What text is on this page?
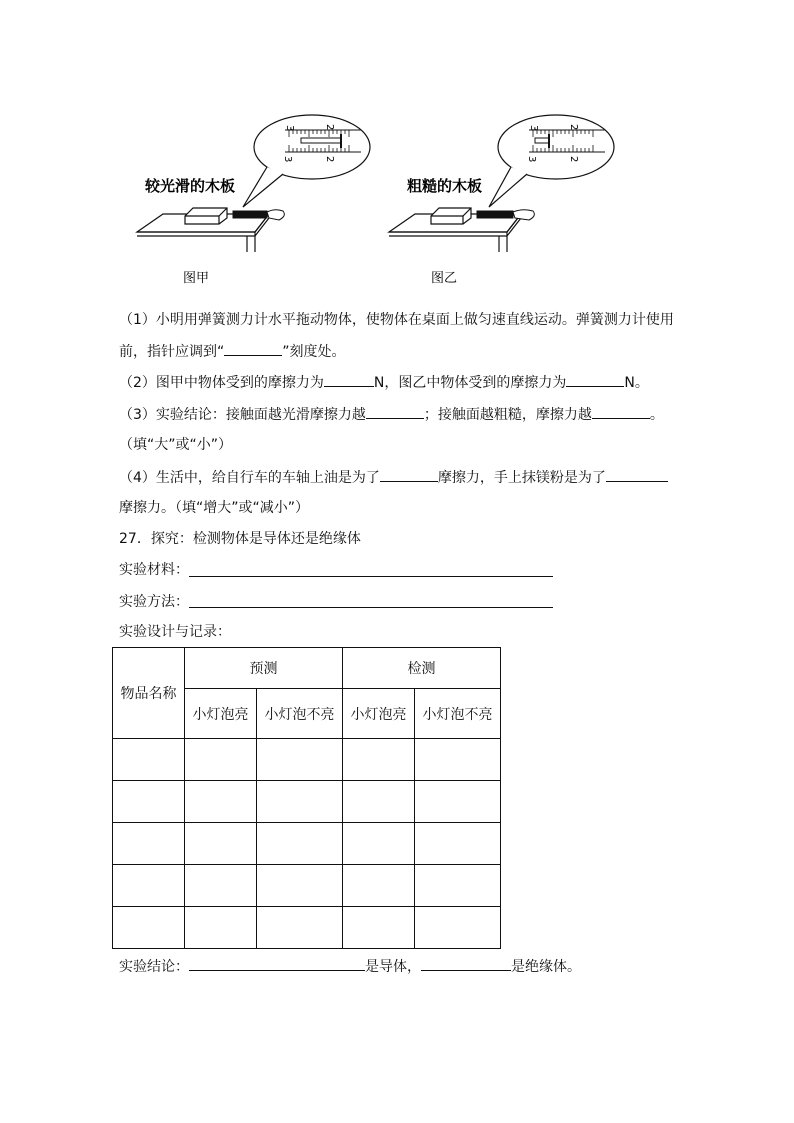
3	2
3	2
较光滑的木板
图甲
3	2
3	2
粗糙的木板
图乙
（1）小明用弹簧测力计水平拖动物体，使物体在桌面上做匀速直线运动。弹簧测力计使用
前，指针应调到“	”刻度处。
（2）图甲中物体受到的摩擦力为	N，图乙中物体受到的摩擦力为	N。
（3）实验结论：接触面越光滑摩擦力越	；接触面越粗糙，摩擦力越	。
（填“大”或“小”）
（4）生活中，给自行车的车轴上油是为了	摩擦力，手上抹镁粉是为了
摩擦力。（填“增大”或“减小”）
27．探究：检测物体是导体还是绝缘体
实验材料：
实验方法：
实验设计与记录：
物品名称	预测		检测	
	小灯泡亮	小灯泡不亮	小灯泡亮	小灯泡不亮

实验结论：	是导体，	是绝缘体。
